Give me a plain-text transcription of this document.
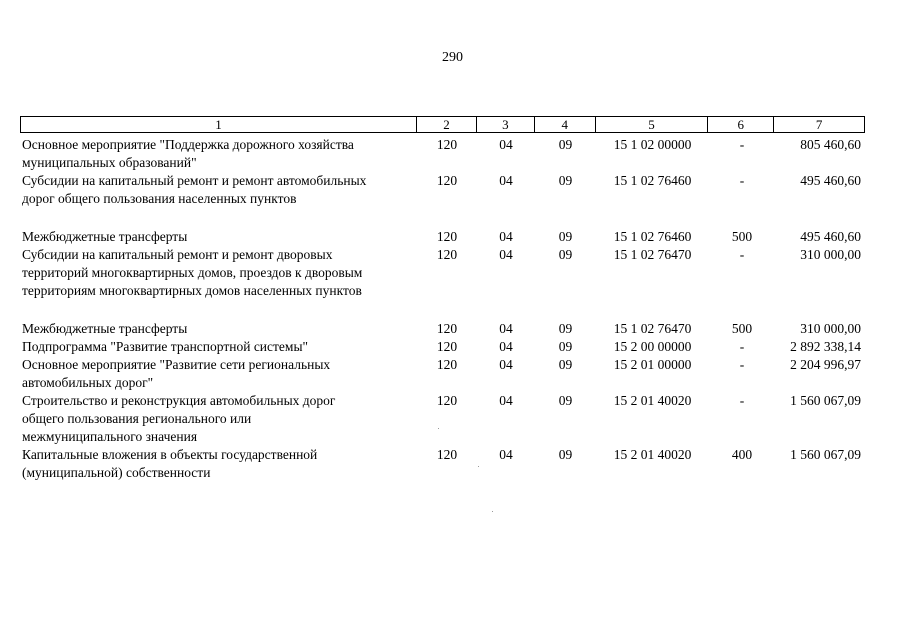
290
1	2	3	4	5	6	7
Основное мероприятие "Поддержка дорожного хозяйства
муниципальных образований"
120	04	09	15 1 02 00000	-	805 460,60
Субсидии на капитальный ремонт и ремонт автомобильных
дорог общего пользования населенных пунктов
120	04	09	15 1 02 76460	-	495 460,60
Межбюджетные трансферты	120	04	09	15 1 02 76460	500	495 460,60
Субсидии на капитальный ремонт и ремонт дворовых
территорий многоквартирных домов, проездов к дворовым
территориям многоквартирных домов населенных пунктов
120	04	09	15 1 02 76470	-	310 000,00
Межбюджетные трансферты	120	04	09	15 1 02 76470	500	310 000,00
Подпрограмма "Развитие транспортной системы"	120	04	09	15 2 00 00000	-	2 892 338,14
Основное мероприятие "Развитие сети региональных
автомобильных дорог"
120	04	09	15 2 01 00000	-	2 204 996,97
Строительство и реконструкция автомобильных дорог
общего пользования регионального или
межмуниципального значения
120	04	09	15 2 01 40020	-	1 560 067,09
Капитальные вложения в объекты государственной
(муниципальной) собственности
120	04	09	15 2 01 40020	400	1 560 067,09
